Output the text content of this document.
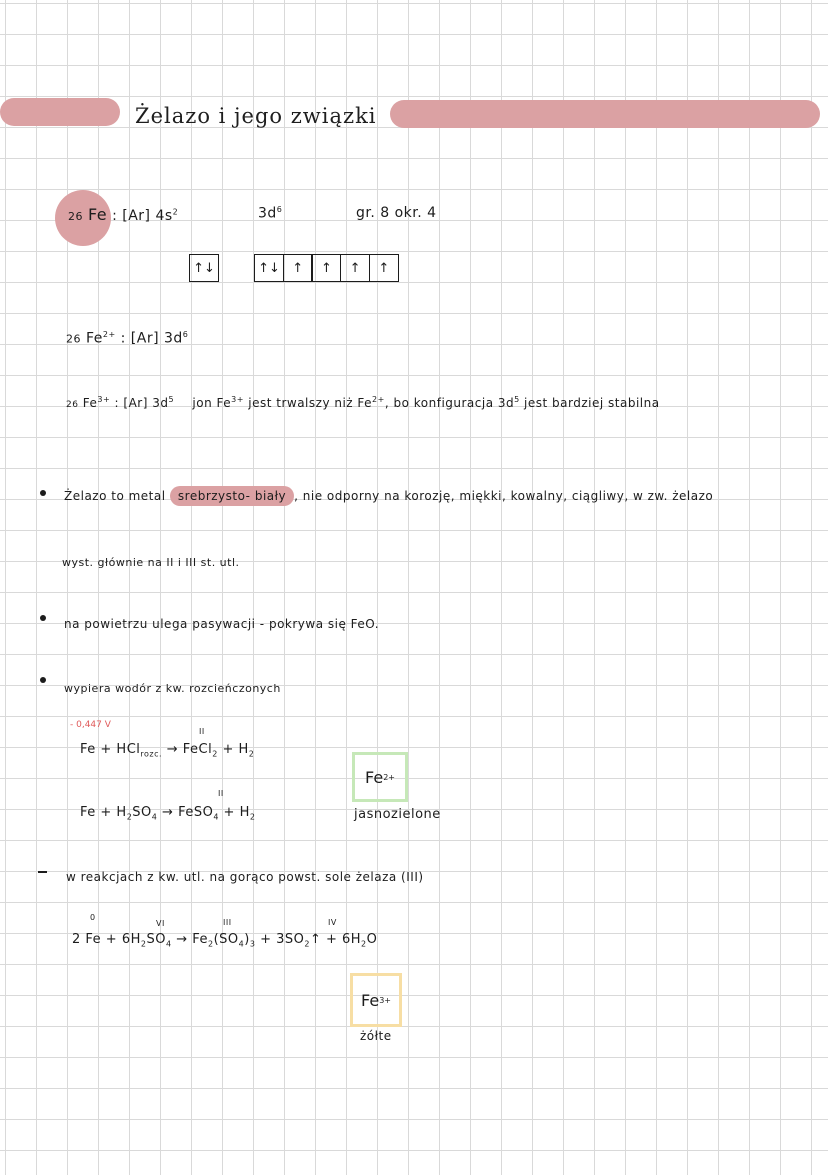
Żelazo i jego związki
26 Fe : [Ar] $4s^2$	$3d^6$	gr. 8 okr. 4
↑↓	↑↓ ↑	↑	↑	↑
26 $Fe^{2+}$ : [Ar] $3d^6$
26 $Fe^{3+}$ : [Ar] $3d^5$ jon $Fe^{3+}$ jest trwalszy niż $Fe^{2+}$, bo konfiguracja $3d^5$ jest bardziej stabilna
Żelazo to metal srebrzysto- biały , nie odporny na korozję, miękki, kowalny, ciągliwy, w zw. żelazo
wyst. głównie na II i III st. utl.
na powietrzu ulega pasywacji - pokrywa się FeO.
wypiera wodór z kw. rozcieńczonych
- 0,447 V
II
Fe + HCl$_{rozc.}$ → FeCl$_2$ + $H_2$
Fe 2+
II
$Fe + H_2SO_4$ → FeSO$_4$ + $H_2$	jasnozielone
w reakcjach z kw. utl. na gorąco powst. sole żelaza (III)
0
VI	III	IV
2 $Fe + 6H_2SO_4 \to Fe_2(SO_4)_3$ + $3SO_2↑ + 6H_2O$
Fe 3+
żółte
